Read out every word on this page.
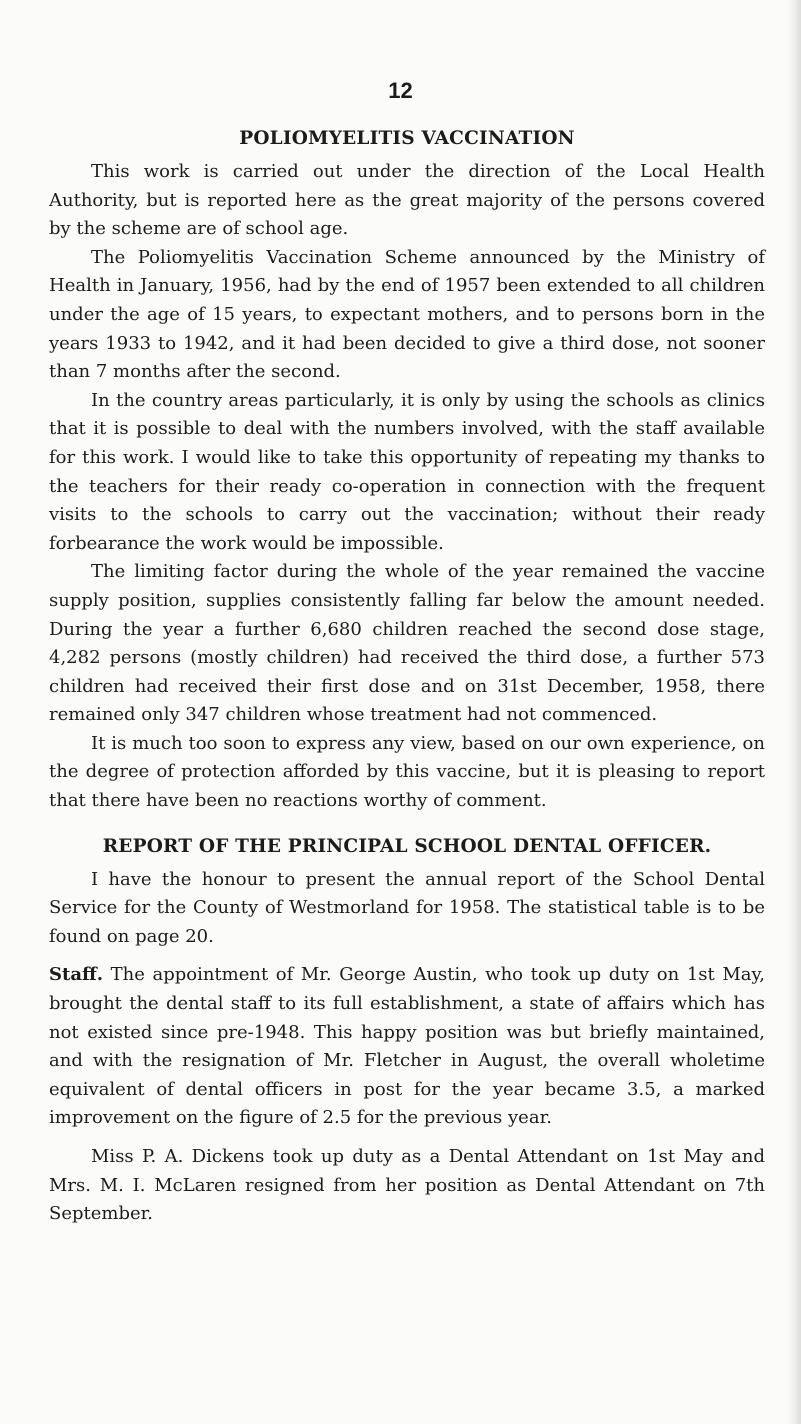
12
POLIOMYELITIS VACCINATION

This work is carried out under the direction of the Local Health Authority, but is reported here as the great majority of the persons covered by the scheme are of school age.

The Poliomyelitis Vaccination Scheme announced by the Ministry of Health in January, 1956, had by the end of 1957 been extended to all children under the age of 15 years, to expectant mothers, and to persons born in the years 1933 to 1942, and it had been decided to give a third dose, not sooner than 7 months after the second.

In the country areas particularly, it is only by using the schools as clinics that it is possible to deal with the numbers involved, with the staff available for this work. I would like to take this opportunity of repeating my thanks to the teachers for their ready co-operation in connection with the frequent visits to the schools to carry out the vaccination; without their ready forbearance the work would be impossible.

The limiting factor during the whole of the year remained the vaccine supply position, supplies consistently falling far below the amount needed. During the year a further 6,680 children reached the second dose stage, 4,282 persons (mostly children) had received the third dose, a further 573 children had received their first dose and on 31st December, 1958, there remained only 347 children whose treatment had not commenced.

It is much too soon to express any view, based on our own experience, on the degree of protection afforded by this vaccine, but it is pleasing to report that there have been no reactions worthy of comment.

REPORT OF THE PRINCIPAL SCHOOL DENTAL OFFICER.

I have the honour to present the annual report of the School Dental Service for the County of Westmorland for 1958. The statistical table is to be found on page 20.

Staff. The appointment of Mr. George Austin, who took up duty on 1st May, brought the dental staff to its full establishment, a state of affairs which has not existed since pre-1948. This happy position was but briefly maintained, and with the resignation of Mr. Fletcher in August, the overall wholetime equivalent of dental officers in post for the year became 3.5, a marked improvement on the figure of 2.5 for the previous year.

Miss P. A. Dickens took up duty as a Dental Attendant on 1st May and Mrs. M. I. McLaren resigned from her position as Dental Attendant on 7th September.
